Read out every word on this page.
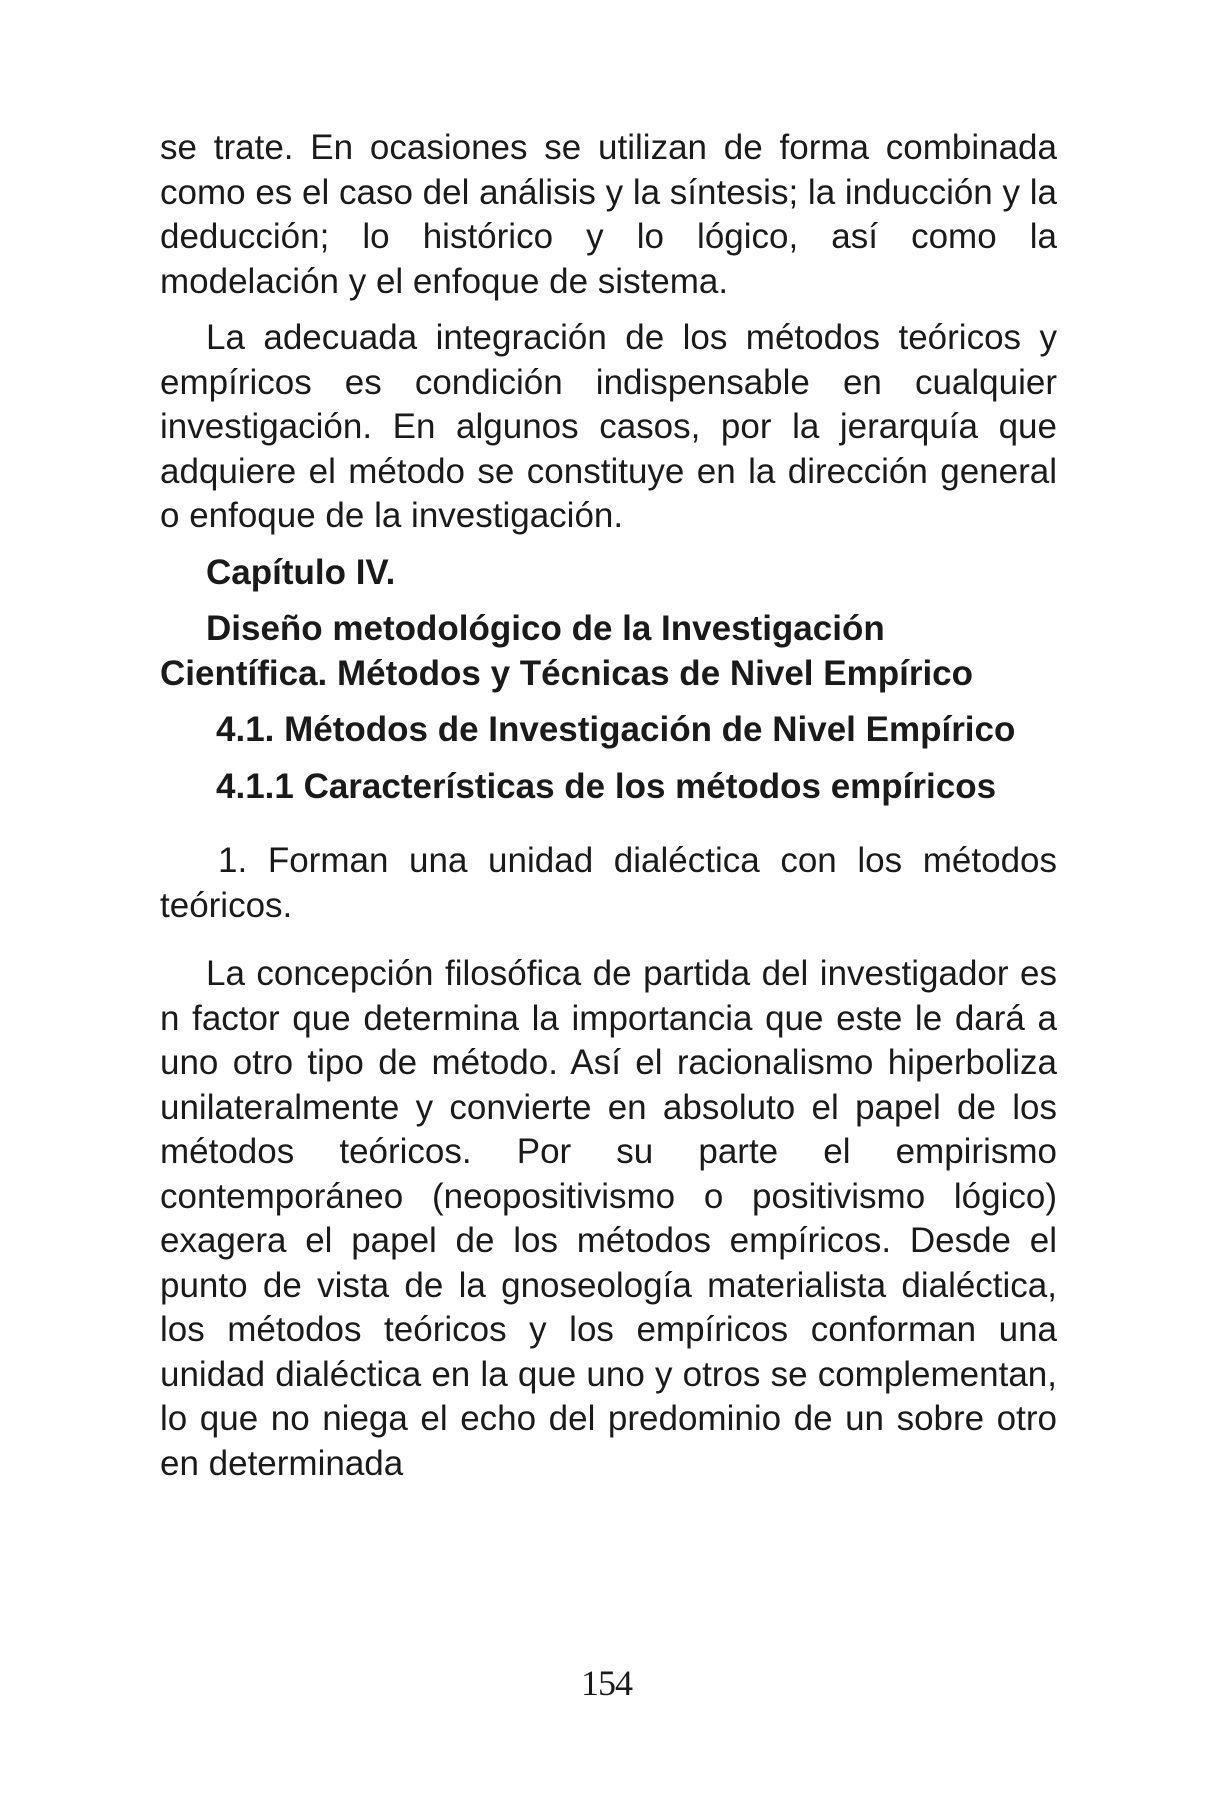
se trate. En ocasiones se utilizan de forma combinada como es el caso del análisis y la síntesis; la inducción y la deducción; lo histórico y lo lógico, así como la modelación y el enfoque de sistema.

La adecuada integración de los métodos teóricos y empíricos es condición indispensable en cualquier investigación. En algunos casos, por la jerarquía que adquiere el método se constituye en la dirección general o enfoque de la investigación.

Capítulo IV.

Diseño metodológico de la Investigación Científica. Métodos y Técnicas de Nivel Empírico

4.1. Métodos de Investigación de Nivel Empírico

4.1.1 Características de los métodos empíricos

1. Forman una unidad dialéctica con los métodos teóricos.

La concepción filosófica de partida del investigador es n factor que determina la importancia que este le dará a uno otro tipo de método. Así el racionalismo hiperboliza unilateralmente y convierte en absoluto el papel de los métodos teóricos. Por su parte el empirismo contemporáneo (neopositivismo o positivismo lógico) exagera el papel de los métodos empíricos. Desde el punto de vista de la gnoseología materialista dialéctica, los métodos teóricos y los empíricos conforman una unidad dialéctica en la que uno y otros se complementan, lo que no niega el echo del predominio de un sobre otro en determinada

154
